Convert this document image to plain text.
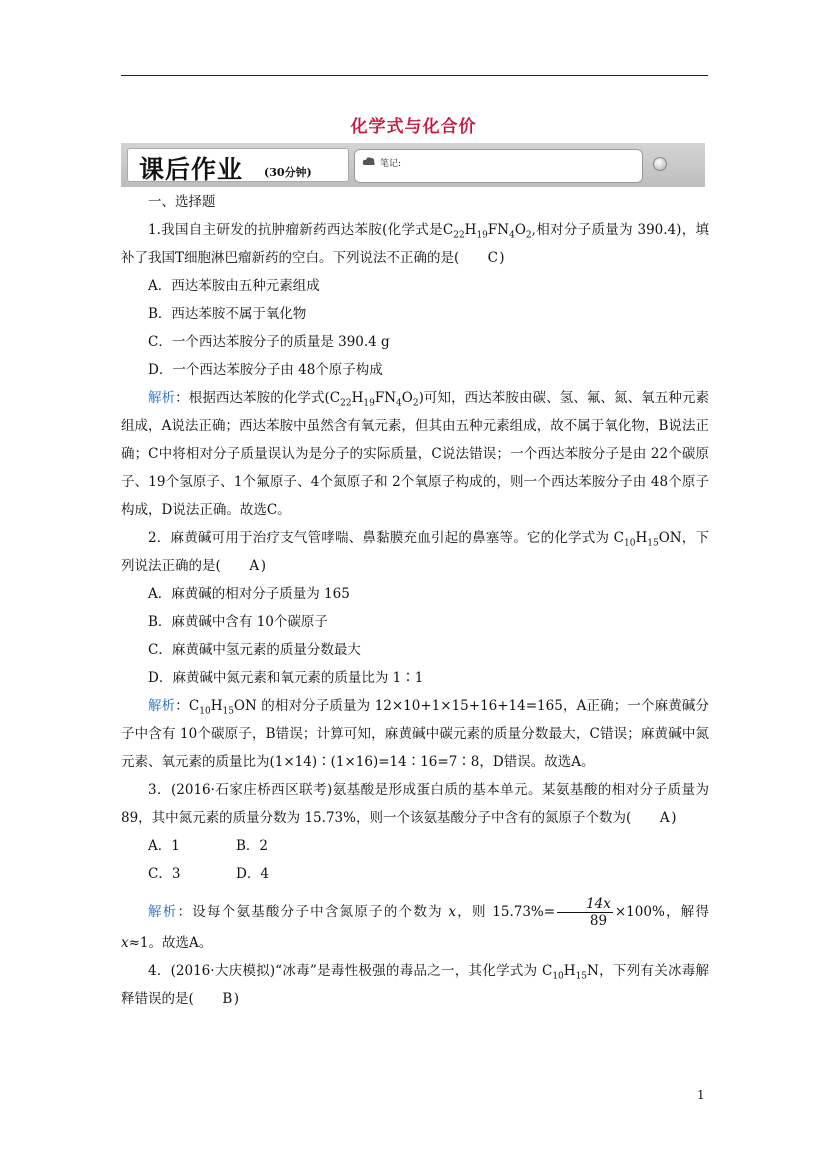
化学式与化合价
课后作业 (30分钟)
笔记:

一、选择题

1.我国自主研发的抗肿瘤新药西达苯胺(化学式是$C_{22}H_{19}FN_4O_2$,相对分子质量为 390.4)，填补了我国T细胞淋巴瘤新药的空白。下列说法不正确的是( C)

A．西达苯胺由五种元素组成

B．西达苯胺不属于氧化物

C．一个西达苯胺分子的质量是 390.4 g

D．一个西达苯胺分子由 48个原子构成

解析：根据西达苯胺的化学式$(C_{22}H_{19}FN_4O_2)$可知，西达苯胺由碳、氢、氟、氮、氧五种元素组成，A说法正确；西达苯胺中虽然含有氧元素，但其由五种元素组成，故不属于氧化物，B说法正确；C中将相对分子质量误认为是分子的实际质量，C说法错误；一个西达苯胺分子是由 22个碳原子、19个氢原子、1个氟原子、4个氮原子和 2个氧原子构成的，则一个西达苯胺分子由 48个原子构成，D说法正确。故选C。

2．麻黄碱可用于治疗支气管哮喘、鼻黏膜充血引起的鼻塞等。它的化学式为 $C_{10}H_{15}ON$，下列说法正确的是( A )

A．麻黄碱的相对分子质量为 165

B．麻黄碱中含有 10个碳原子

C．麻黄碱中氢元素的质量分数最大

D．麻黄碱中氮元素和氧元素的质量比为 1∶1

解析：$C_{10}H_{15}ON$ 的相对分子质量为 12×10+1×15+16+14=165，A正确；一个麻黄碱分子中含有 10个碳原子，B错误；计算可知，麻黄碱中碳元素的质量分数最大，C错误；麻黄碱中氮元素、氧元素的质量比为(1×14)∶(1×16)=14∶16=7∶8，D错误。故选A。

3．(2016·石家庄桥西区联考)氨基酸是形成蛋白质的基本单元。某氨基酸的相对分子质量为 89，其中氮元素的质量分数为 15.73%，则一个该氨基酸分子中含有的氮原子个数为( A )

A．1	B．2

C．3	D．4

解析：设每个氨基酸分子中含氮原子的个数为 x，则 $15.73\%= \frac{14x}{89} \times 100\%$，解得 x≈1。故选A。

4．(2016·大庆模拟)“冰毒”是毒性极强的毒品之一，其化学式为 $C_{10}H_{15}N$，下列有关冰毒解释错误的是( B )

1
